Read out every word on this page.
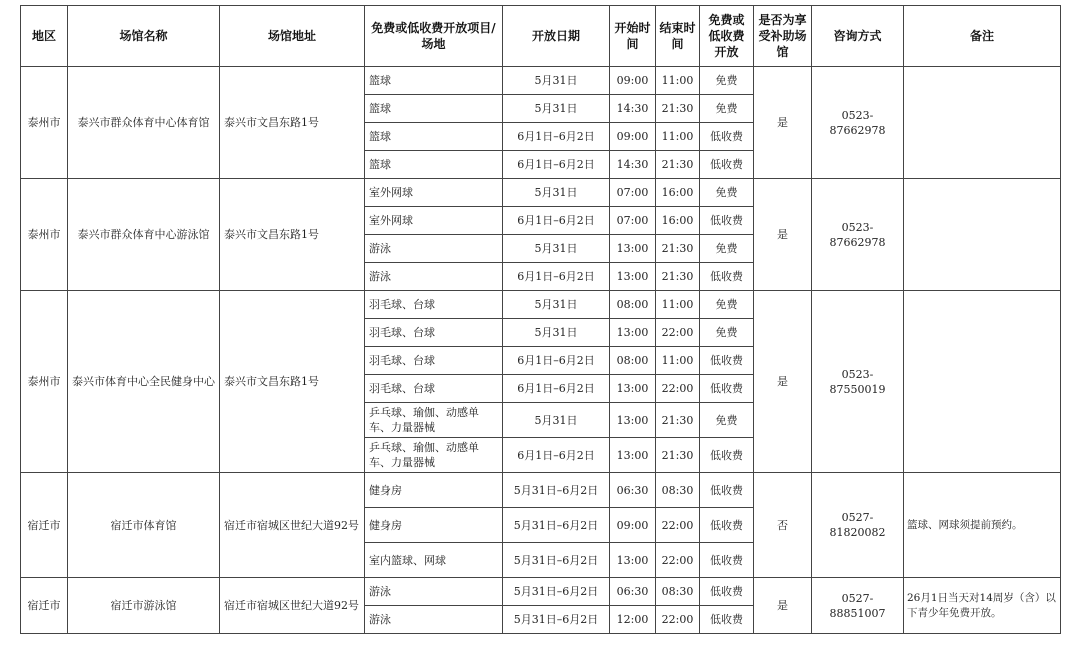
地区	场馆名称	场馆地址	免费或低收费开放项目/场地	开放日期	开始时间	结束时间	免费或低收费开放	是否为享受补助场馆	咨询方式	备注
泰州市	泰兴市群众体育中心体育馆	泰兴市文昌东路1号	篮球	5月31日	09:00	11:00	免费	是	0523-87662978	
			篮球	5月31日	14:30	21:30	免费			
			篮球	6月1日–6月2日	09:00	11:00	低收费			
			篮球	6月1日–6月2日	14:30	21:30	低收费			
泰州市	泰兴市群众体育中心游泳馆	泰兴市文昌东路1号	室外网球	5月31日	07:00	16:00	免费	是	0523-87662978	
			室外网球	6月1日–6月2日	07:00	16:00	低收费			
			游泳	5月31日	13:00	21:30	免费			
			游泳	6月1日–6月2日	13:00	21:30	低收费			
泰州市	泰兴市体育中心全民健身中心	泰兴市文昌东路1号	羽毛球、台球	5月31日	08:00	11:00	免费	是	0523-87550019	
			羽毛球、台球	5月31日	13:00	22:00	免费			
			羽毛球、台球	6月1日–6月2日	08:00	11:00	低收费			
			羽毛球、台球	6月1日–6月2日	13:00	22:00	低收费			
			乒乓球、瑜伽、动感单车、力量器械	5月31日	13:00	21:30	免费			
			乒乓球、瑜伽、动感单车、力量器械	6月1日–6月2日	13:00	21:30	低收费			
宿迁市	宿迁市体育馆	宿迁市宿城区世纪大道92号	健身房	5月31日–6月2日	06:30	08:30	低收费	否	0527-81820082	篮球、网球须提前预约。
			健身房	5月31日–6月2日	09:00	22:00	低收费			
			室内篮球、网球	5月31日–6月2日	13:00	22:00	低收费			
宿迁市	宿迁市游泳馆	宿迁市宿城区世纪大道92号	游泳	5月31日–6月2日	06:30	08:30	低收费	是	0527-88851007	26月1日当天对14周岁（含）以下青少年免费开放。
			游泳	5月31日–6月2日	12:00	22:00	低收费			
